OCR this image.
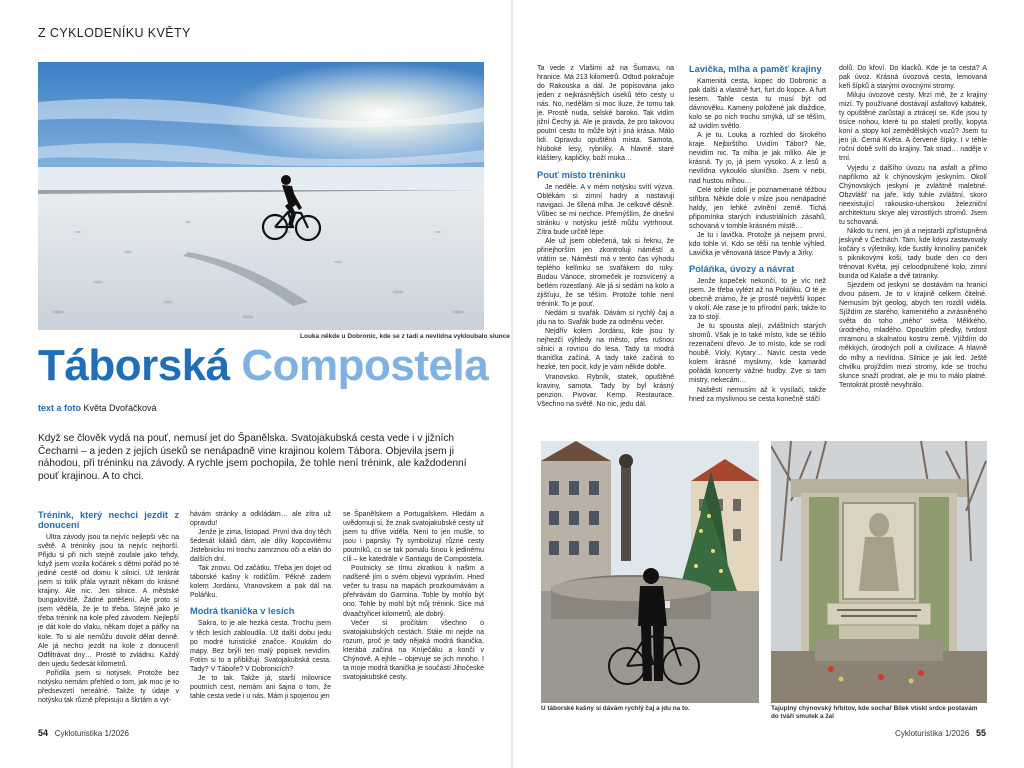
Z CYKLODENÍKU KVĚTY
Louka někde u Dobronic, kde se z tadi a nevlídna vykloubalo slunce
Táborská Compostela
text a foto Květa Dvořáčková
Když se člověk vydá na pouť, nemusí jet do Španělska. Svatojakubská cesta vede i v jižních Čechami – a jeden z jejích úseků se nenápadně vine krajinou kolem Tábora. Objevila jsem ji náhodou, při tréninku na závody. A rychle jsem pochopila, že tohle není trénink, ale každodenní pouť krajinou. A to chci.
Trénink, který nechci jezdit z donucení

Ultra závody jsou ta nejvíc nejlepší věc na světě. A tréninky jsou ta nejvíc nejhorší. Přijdu si při nich stejně zoufale jako tehdy, když jsem vozila kočárek s dětmi pořád po té jediné cestě od domu k silnici. Už tenkrát jsem si tolik přála vyrazit někam do krásné krajiny. Ale nic. Jen silnice. A městské bungalovíště. Žádné potěšení. Ale proto si jsem věděla, že je to třeba. Stejně jako je třeba trénink na kole před závodem. Nejlepší je dát kole do vlaku, někam dojet a pářky na kole. To si ale nemůžu dovolit dělat denně. Ale já nechci jezdit na kole z donucení! Odfiltrávat dny… Prostě to zvládnu. Každý den ujedu šedesát kilometrů.

Pořídila jsem si notýsek. Protože bez notýsku nemám přehled o tom, jak moc je to předsevzetí nereálné. Takže ty údaje v notýsku tak různě přepisuju a škrtám a vyt-

hávám stránky a odkládám… ale zítra už opravdu!

Jenže je zima, listopad. První dva dny těch šedesát kiláků dám, ale díky kopcovitému Jistebnicku mi trochu zamrznou oči a elán do dalších dní.

Tak znovu. Od začátku. Třeba jen dojet od táborské kašny k rodičům. Pěkně zadem kolem Jordánu, Vranovskem a pak dál na Poláňku.

Modrá tkanička v lesích

Sakra, to je ale hezká cesta. Trochu jsem v těch lesích zabloudila. Už další dobu jedu po modré turistické značce. Koukám do mapy. Bez brýlí ten malý popisek nevidím. Fotím si to a přibližuji. Svatojakubská cesta. Tady? V Táboře? V Dobronicích?

Je to tak. Takže já, starší milovnice poutních cest, nemám ani šajna o tom, že tahle cesta vede i u nás. Mám ji spojenou jen

se Španělskem a Portugalskem. Hledám a uvědomuji si, že znak svatojakubské cesty už jsem tu dříve viděla. Není to jen mušle, to jsou i paprsky. Ty symbolizují různé cesty poutníků, co se tak pomalu šinou k jedinému cíli – ke katedrále v Santiagu de Compostela.

Poutnicky se tímu zkratkou k našim a nadšeně jím o svém objevu vyprávím. Hned večer tu trasu na mapách prozkoumávám a přehrávám do Garmina. Tohle by mohlo být ono. Tohle by mohl být můj trénink. Sice má dvaačtyřicet kilometrů, ale dobrý.

Večer si pročítám všechno o svatojakubských cestách. Stále mi nejde na rozum, proč je tady nějaká modrá tkanička, kterábá začíná na Kníječáku a končí v Chýnově. A ejhle – objevuje se jich mnoho. I ta moje modrá tkanička je součástí Jihočeské svatojakubské cesty.

54 Cykloturistika 1/2026

Ta vede z Vlašimi až na Šumavu, na hranice. Má 213 kilometrů. Odtud pokračuje do Rakouska a dál. Je popisována jako jeden z nejkrásnějších úseků této cesty u nás. No, nedělám si moc iluze, že tomu tak je. Prostě nuda, selské baroko. Tak vidím jižní Čechy já. Ale je pravda, že pro takovou poutní cestu to může být i jiná krása. Málo lidí. Opravdu opuštěná místa. Samota, hluboké lesy, rybníky. A hlavně staré kláštery, kapličky, boží muka…

Pouť místo tréninku

Je neděle. A v mém notýsku svítí výzva. Oblékám si zimní hadry a nastavuji navigaci. Je šílená mlha. Je celkově děsně. Vůbec se mi nechce. Přemýšlím, že dnešní stránku v notýsku ještě můžu vytrhnout. Zítra bude určitě lépe.

Ale už jsem oblečená, tak si řeknu, že přinejhorším jen zkontroluji náměstí a vrátím se. Náměstí má v tento čas výhodu teplého kelímku se svařákem do ruky. Budou Vánoce, stromeček je rozsvícený a betlém rozestlaný. Ale já si sedám na kolo a zjišťuju, že se těším. Protože tohle není trénink. To je pouť.

Nedám si svařák. Dávám si rychlý čaj a jdu na to. Svařák bude za odměnu večer.

Nejdřív kolem Jordánu, kde jsou ty nejhezčí výhledy na město, přes rušnou silnici a rovnou do lesa. Tady ta modrá tkanička začíná. A tady také začíná to hezké, ten pocit, kdy je vám někde dobře.

Vranovsko. Rybník, statek, opuštěné kraviny, samota. Tady by byl krásný penzion. Pivovar. Kemp. Restaurace. Všechno na světě. No nic, jedu dál.

Lavička, mlha a paměť krajiny

Kamenitá cesta, kopec do Dobronic a pak další a vlastně furt, furt do kopce. A furt lesem. Tahle cesta tu musí být od dávnověku. Kameny položené jak dlaždice, kolo se po nich trochu smýká, už se těším, až uvidím světlo.

A je tu. Louka a rozhled do širokého kraje. Nejbirštího. Uvidím Tábor? Ne, nevidím nic. Ta mlha je jak mlíko. Ale je krásná. Ty jo, já jsem vysoko. A z lesů a nevlídna vykouklo sluníčko. Jsem v nebi, nad hustou mlhou…

Celé tohle údolí je poznamenané těžbou stříbra. Někde dole v mlze jsou nenápadné haldy, jen lehké zvlnění země. Tichá připomínka starých industriálních zásahů, schovaná v tomhle krásném místě…

Je tu i lavička. Protože já nejsem první, kdo tohle ví. Kdo se těší na tenhle výhled. Lavička je věnovaná lásce Pavly a Jirky.

Poláňka, úvozy a návrat

Jenže kopeček nekončí, to je víc než jsem. Je třeba vylézt až na Poláňku. O té je obecně známo, že je prostě největší kopec v okolí. Ale zase je to přírodní park, takže to za to stojí.

Je tu spousta alejí, zvláštních starých stromů. Však je to také místo, kde se těžilo rezenačení dřevo. Je to místo, kde se rodí houbě. Violy. Kytary… Navíc cesta vede kolem krásné myslivny, kde kamarád pořádá koncerty vážné hudby. Zve si tam mistry, nekecám…

Naštěstí nemusím až k vysílači, takže hned za myslivnou se cesta konečně stáčí

dolů. Do křoví. Do klacků. Kde je ta cesta? A pak úvoz. Krásná úvozová cesta, lemovaná keři šípků a starými ovocnými stromy.

Miluju úvozové cesty. Mrzí mě, že z krajiny mizí. Ty používané dostávají asfaltový kabátek, ty opuštěné zarůstají a ztrácejí se. Kde jsou ty tisíce nohou, které tu po staletí prošly, kopyta koní a stopy kol zemědělských vozů? Jsem tu jen já. Černá Květa. A červené šípky. I v téhle roční době svítí do krajiny. Tak snad… naděje v trní.

Vyjedu z dalšího úvozu na asfalt a přímo napříkmo až k chýnovským jeskyním. Okolí Chýnovských jeskyní je zvláštně malebné. Obzvlášť na jaře, kdy tuhle zvláštní, skoro neexistující rakousko-uherskou železniční architekturu skrye alej vzrostlých stromů. Jsem tu schovaná.

Nikdo tu není, jen já a nejstarší zpřístupněná jeskyně v Čechách. Tam, kde kdysi zastavovaly kočáry s výletníky, kde šustily krinolíny paniček s piknikovými koši, tady bude den co den trénovat Květa, její celoodpružené kolo, zimní bunda od Kalaše a dvě tatranky.

Sjezdem od jeskyní se dostávám na hranici dvou pásem. Je to v krajině celkem čitelné. Nemusím být geolog, abych ten rozdíl viděla. Sjíždím ze starého, kamenitého a zvrásněného světa do toho „mého“ světa. Měkkého, úrodného, mladého. Opouštím předky, tvrdost mramoru a skalnatou kostru země. Vjíždím do měkkých, úrodných polí a civilizace. A hlavně do mlhy a nevlídna. Silnice je jak led. Ještě chvilku projíždím mezi stromy, kde se trochu slunce snaží prodrat, ale je mu to málo platné. Tentokrát prostě nevyhrálo.

U táborské kašny si dávám rychlý čaj a jdu na to.	Tajuplný chýnovský hřbitov, kde sochař Bílek vtiskl srdce postavám do tváří smutek a žal
Cykloturistika 1/2026 55
